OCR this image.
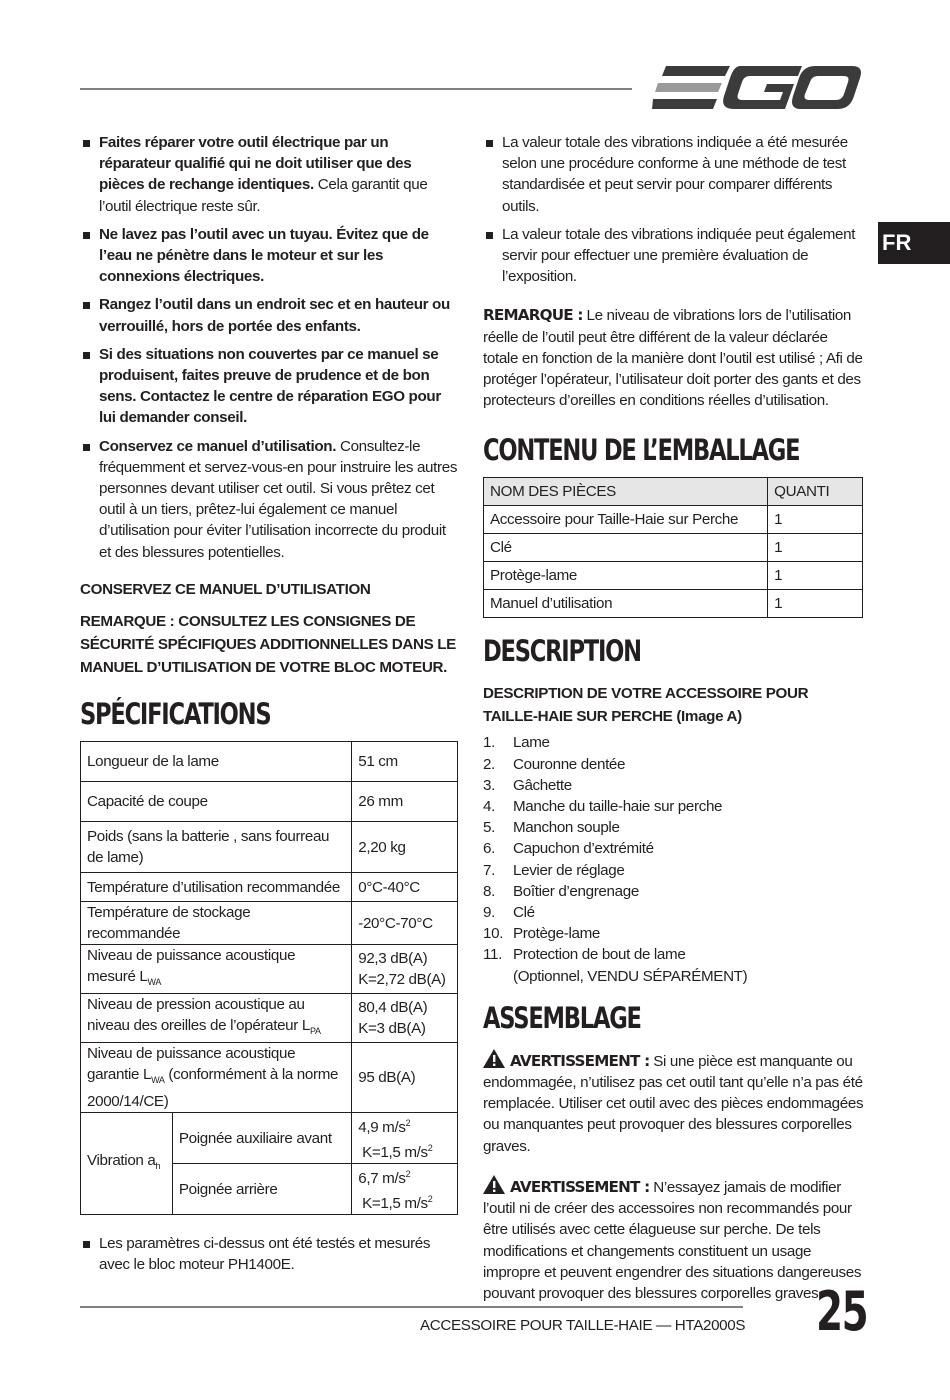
FR
Faites réparer votre outil électrique par un réparateur qualifié qui ne doit utiliser que des pièces de rechange identiques. Cela garantit que l’outil électrique reste sûr.
Ne lavez pas l’outil avec un tuyau. Évitez que de l’eau ne pénètre dans le moteur et sur les connexions électriques.
Rangez l’outil dans un endroit sec et en hauteur ou verrouillé, hors de portée des enfants.
Si des situations non couvertes par ce manuel se produisent, faites preuve de prudence et de bon sens. Contactez le centre de réparation EGO pour lui demander conseil.
Conservez ce manuel d’utilisation. Consultez-le fréquemment et servez-vous-en pour instruire les autres personnes devant utiliser cet outil. Si vous prêtez cet outil à un tiers, prêtez-lui également ce manuel d’utilisation pour éviter l’utilisation incorrecte du produit et des blessures potentielles.

CONSERVEZ CE MANUEL D’UTILISATION

REMARQUE : CONSULTEZ LES CONSIGNES DE SÉCURITÉ SPÉCIFIQUES ADDITIONNELLES DANS LE MANUEL D’UTILISATION DE VOTRE BLOC MOTEUR.

SPÉCIFICATIONS
Longueur de la lame		51 cm
Capacité de coupe		26 mm
Poids (sans la batterie , sans fourreau de lame)		2,20 kg
Température d’utilisation recommandée		0°C-40°C
Température de stockage recommandée		-20°C-70°C
Niveau de puissance acoustique mesuré $L_{WA}$		92,3 dB(A)
K=2,72 dB(A)
Niveau de pression acoustique au niveau des oreilles de l’opérateur $L_{PA}$		80,4 dB(A)
K=3 dB(A)
Niveau de puissance acoustique garantie $L_{WA}$ (conformément à la norme 2000/14/CE)		95 dB(A)
Vibration $a_h$	Poignée auxiliaire avant	4,9 $m/s^2$
K=1,5 $m/s^2$
	Poignée arrière	6,7 $m/s^2$
K=1,5 $m/s^2$
Les paramètres ci-dessus ont été testés et mesurés avec le bloc moteur PH1400E.
La valeur totale des vibrations indiquée a été mesurée selon une procédure conforme à une méthode de test standardisée et peut servir pour comparer différents outils.
La valeur totale des vibrations indiquée peut également servir pour effectuer une première évaluation de l’exposition.

REMARQUE : Le niveau de vibrations lors de l’utilisation réelle de l’outil peut être différent de la valeur déclarée totale en fonction de la manière dont l’outil est utilisé ; Afi de protéger l’opérateur, l’utilisateur doit porter des gants et des protecteurs d’oreilles en conditions réelles d’utilisation.

CONTENU DE L’EMBALLAGE
NOM DES PIÈCES	QUANTI
Accessoire pour Taille-Haie sur Perche	1
Clé	1
Protège-lame	1
Manuel d’utilisation	1
DESCRIPTION

DESCRIPTION DE VOTRE ACCESSOIRE POUR TAILLE-HAIE SUR PERCHE (Image A)

1.	Lame
2.	Couronne dentée
3.	Gâchette
4.	Manche du taille-haie sur perche
5.	Manchon souple
6.	Capuchon d’extrémité
7.	Levier de réglage
8.	Boîtier d’engrenage
9.	Clé
10. Protège-lame
11. Protection de bout de lame
(Optionnel, VENDU SÉPARÉMENT)
ASSEMBLAGE

AVERTISSEMENT : Si une pièce est manquante ou endommagée, n’utilisez pas cet outil tant qu’elle n’a pas été remplacée. Utiliser cet outil avec des pièces endommagées ou manquantes peut provoquer des blessures corporelles graves.

AVERTISSEMENT : N’essayez jamais de modifier l’outil ni de créer des accessoires non recommandés pour être utilisés avec cette élagueuse sur perche. De tels modifications et changements constituent un usage impropre et peuvent engendrer des situations dangereuses pouvant provoquer des blessures corporelles graves.

ACCESSOIRE POUR TAILLE-HAIE — HTA2000S 25
